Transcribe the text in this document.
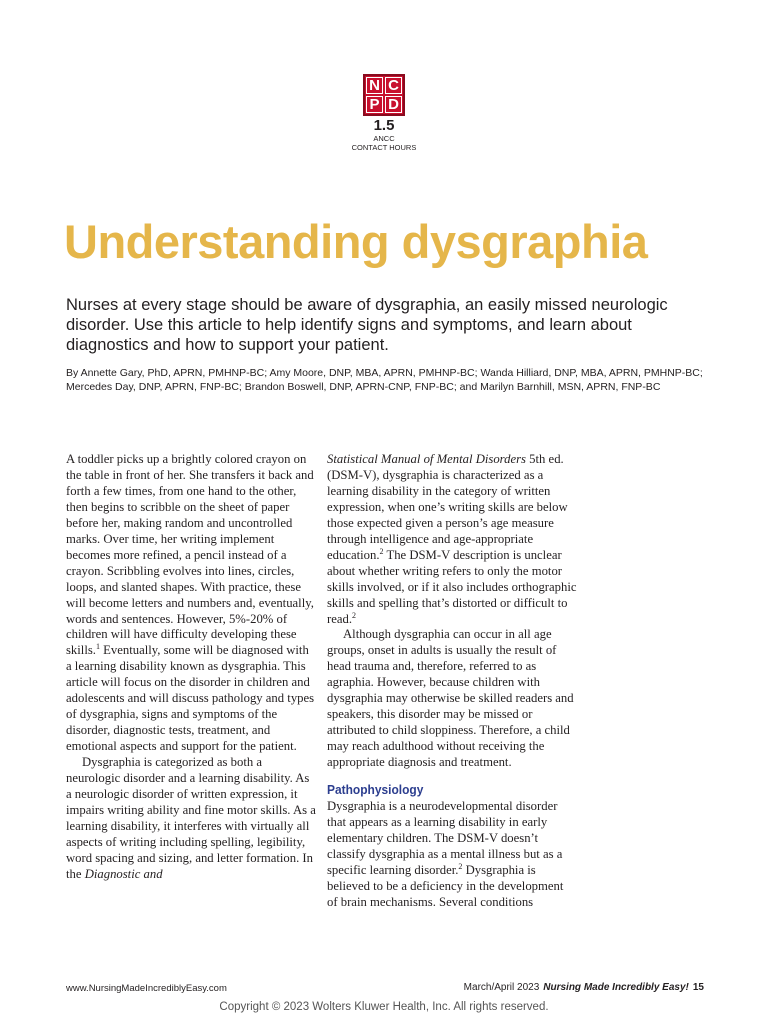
N C
P D
1.5
ANCC
CONTACT HOURS
Understanding dysgraphia

Nurses at every stage should be aware of dysgraphia, an easily missed neurologic disorder. Use this article to help identify signs and symptoms, and learn about diagnostics and how to support your patient.

By Annette Gary, PhD, APRN, PMHNP-BC; Amy Moore, DNP, MBA, APRN, PMHNP-BC; Wanda Hilliard, DNP, MBA, APRN, PMHNP-BC; Mercedes Day, DNP, APRN, FNP-BC; Brandon Boswell, DNP, APRN-CNP, FNP-BC; and Marilyn Barnhill, MSN, APRN, FNP-BC

A toddler picks up a brightly colored crayon on the table in front of her. She transfers it back and forth a few times, from one hand to the other, then begins to scribble on the sheet of paper before her, making random and uncontrolled marks. Over time, her writing implement becomes more refined, a pencil instead of a crayon. Scribbling evolves into lines, circles, loops, and slanted shapes. With practice, these will become letters and numbers and, eventually, words and sentences. However, 5%-20% of children will have difficulty developing these skills.$^1$ Eventually, some will be diagnosed with a learning disability known as dysgraphia. This article will focus on the disorder in children and adolescents and will discuss pathology and types of dysgraphia, signs and symptoms of the disorder, diagnostic tests, treatment, and emotional aspects and support for the patient.

Dysgraphia is categorized as both a neurologic disorder and a learning disability. As a neurologic disorder of written expression, it impairs writing ability and fine motor skills. As a learning disability, it interferes with virtually all aspects of writing including spelling, legibility, word spacing and sizing, and letter formation. In the Diagnostic and

Statistical Manual of Mental Disorders 5th ed. (DSM-V), dysgraphia is characterized as a learning disability in the category of written expression, when one’s writing skills are below those expected given a person’s age measure through intelligence and age-appropriate education.$^2$ The DSM-V description is unclear about whether writing refers to only the motor skills involved, or if it also includes orthographic skills and spelling that’s distorted or difficult to read.$^2$

Although dysgraphia can occur in all age groups, onset in adults is usually the result of head trauma and, therefore, referred to as agraphia. However, because children with dysgraphia may otherwise be skilled readers and speakers, this disorder may be missed or attributed to child sloppiness. Therefore, a child may reach adulthood without receiving the appropriate diagnosis and treatment.

Pathophysiology

Dysgraphia is a neurodevelopmental disorder that appears as a learning disability in early elementary children. The DSM-V doesn’t classify dysgraphia as a mental illness but as a specific learning disorder.$^2$ Dysgraphia is believed to be a deficiency in the development of brain mechanisms. Several conditions

www.NursingMadeIncrediblyEasy.com	March/April 2023 Nursing Made Incredibly Easy! 15
Copyright © 2023 Wolters Kluwer Health, Inc. All rights reserved.
